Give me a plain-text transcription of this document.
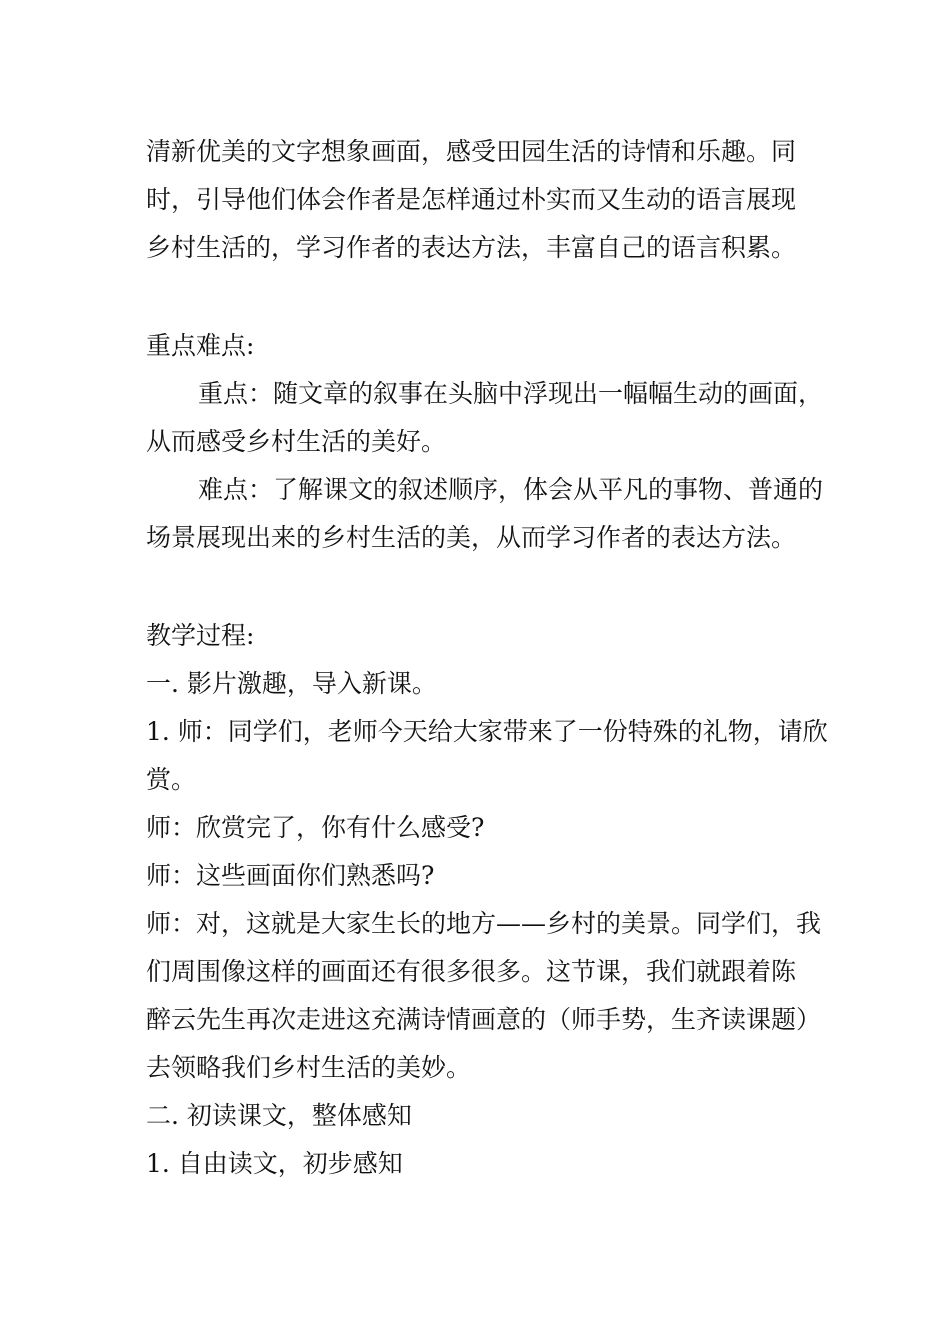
清新优美的文字想象画面，感受田园生活的诗情和乐趣。同
时，引导他们体会作者是怎样通过朴实而又生动的语言展现
乡村生活的，学习作者的表达方法，丰富自己的语言积累。
重点难点:
重点：随文章的叙事在头脑中浮现出一幅幅生动的画面，
从而感受乡村生活的美好。
难点：了解课文的叙述顺序，体会从平凡的事物、普通的
场景展现出来的乡村生活的美，从而学习作者的表达方法。
教学过程:
一. 影片激趣，导入新课。
1. 师：同学们，老师今天给大家带来了一份特殊的礼物，请欣
赏。
师：欣赏完了，你有什么感受?
师：这些画面你们熟悉吗?
师：对，这就是大家生长的地方——乡村的美景。同学们，我
们周围像这样的画面还有很多很多。这节课，我们就跟着陈
醉云先生再次走进这充满诗情画意的（师手势，生齐读课题）
去领略我们乡村生活的美妙。
二. 初读课文，整体感知
1. 自由读文，初步感知
